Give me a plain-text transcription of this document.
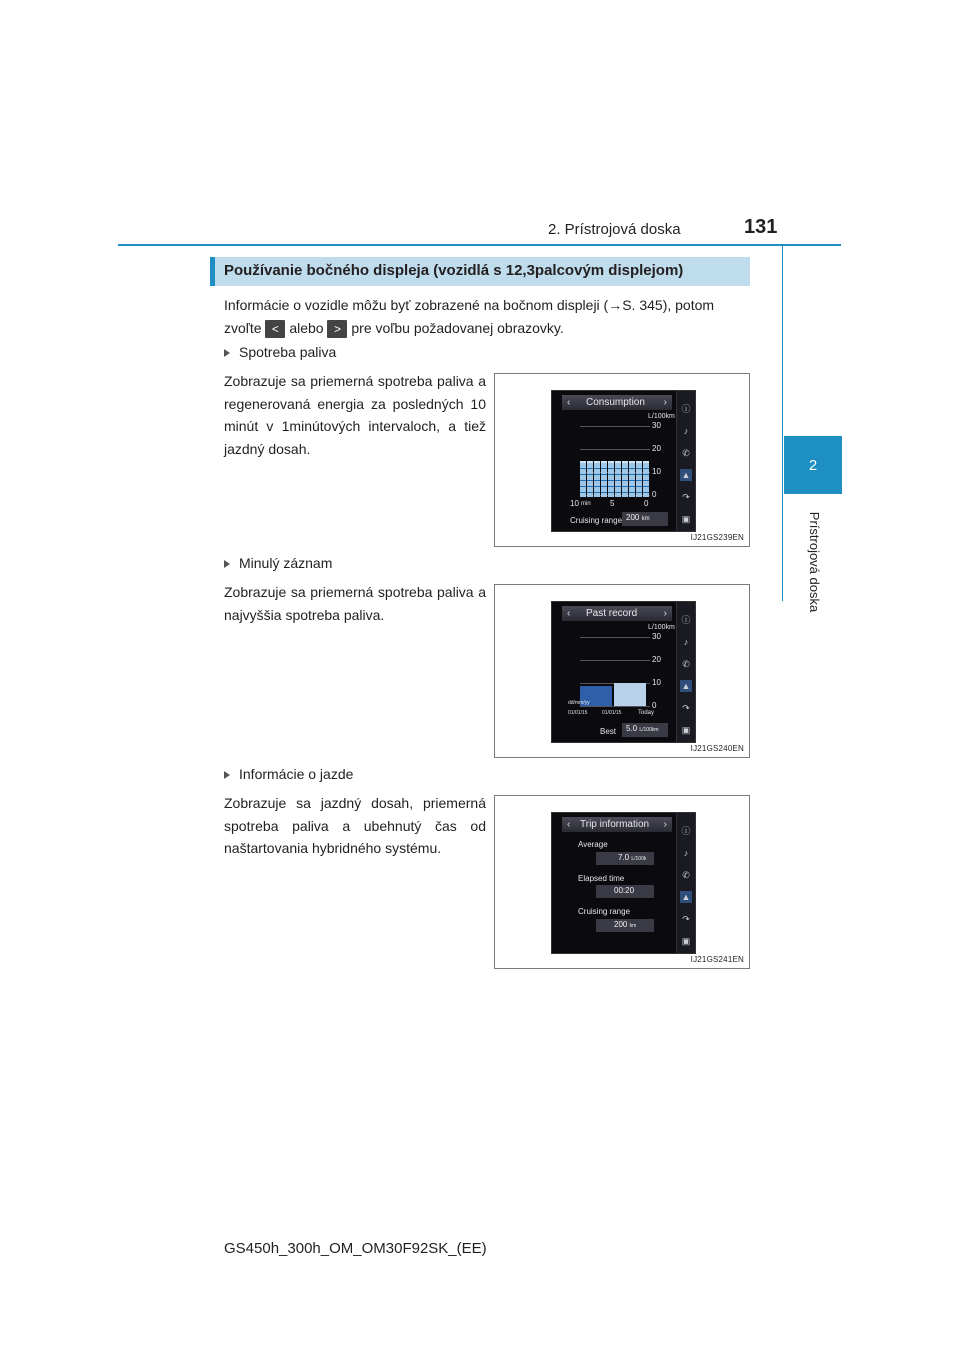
2. Prístrojová doska	131
2
Prístrojová doska
Používanie bočného displeja (vozidlá s 12,3palcovým displejom)
Informácie o vozidle môžu byť zobrazené na bočnom displeji (→S. 345), potom
zvoľte < alebo > pre voľbu požadovanej obrazovky.
Spotreba paliva
Zobrazuje sa priemerná spotreba paliva a regenerovaná energia za posledných 10 minút v 1minútových intervaloch, a tiež jazdný dosah.
‹ Consumption ›
ⓘ
♪
✆
▲
↷
▣
L/100km
30
20
10
0
10 min 5	0
Cruising range 200 km
IJ21GS239EN
Minulý záznam
Zobrazuje sa priemerná spotreba paliva a najvyššia spotreba paliva.	‹ Past record	›
ⓘ
♪
✆
▲
↷
▣
L/100km
30
20
10
0
dd/mm/yy
01/01/15	01/01/15	Today
Best	5.0 L/100km
IJ21GS240EN
Informácie o jazde
Zobrazuje sa jazdný dosah, priemerná spotreba paliva a ubehnutý čas od naštartovania hybridného systému.
‹ Trip information ›
ⓘ
♪
✆
▲
↷
▣
Average
7.0 L/100k
Elapsed time
00:20
Cruising range
200 km
IJ21GS241EN
GS450h_300h_OM_OM30F92SK_(EE)
